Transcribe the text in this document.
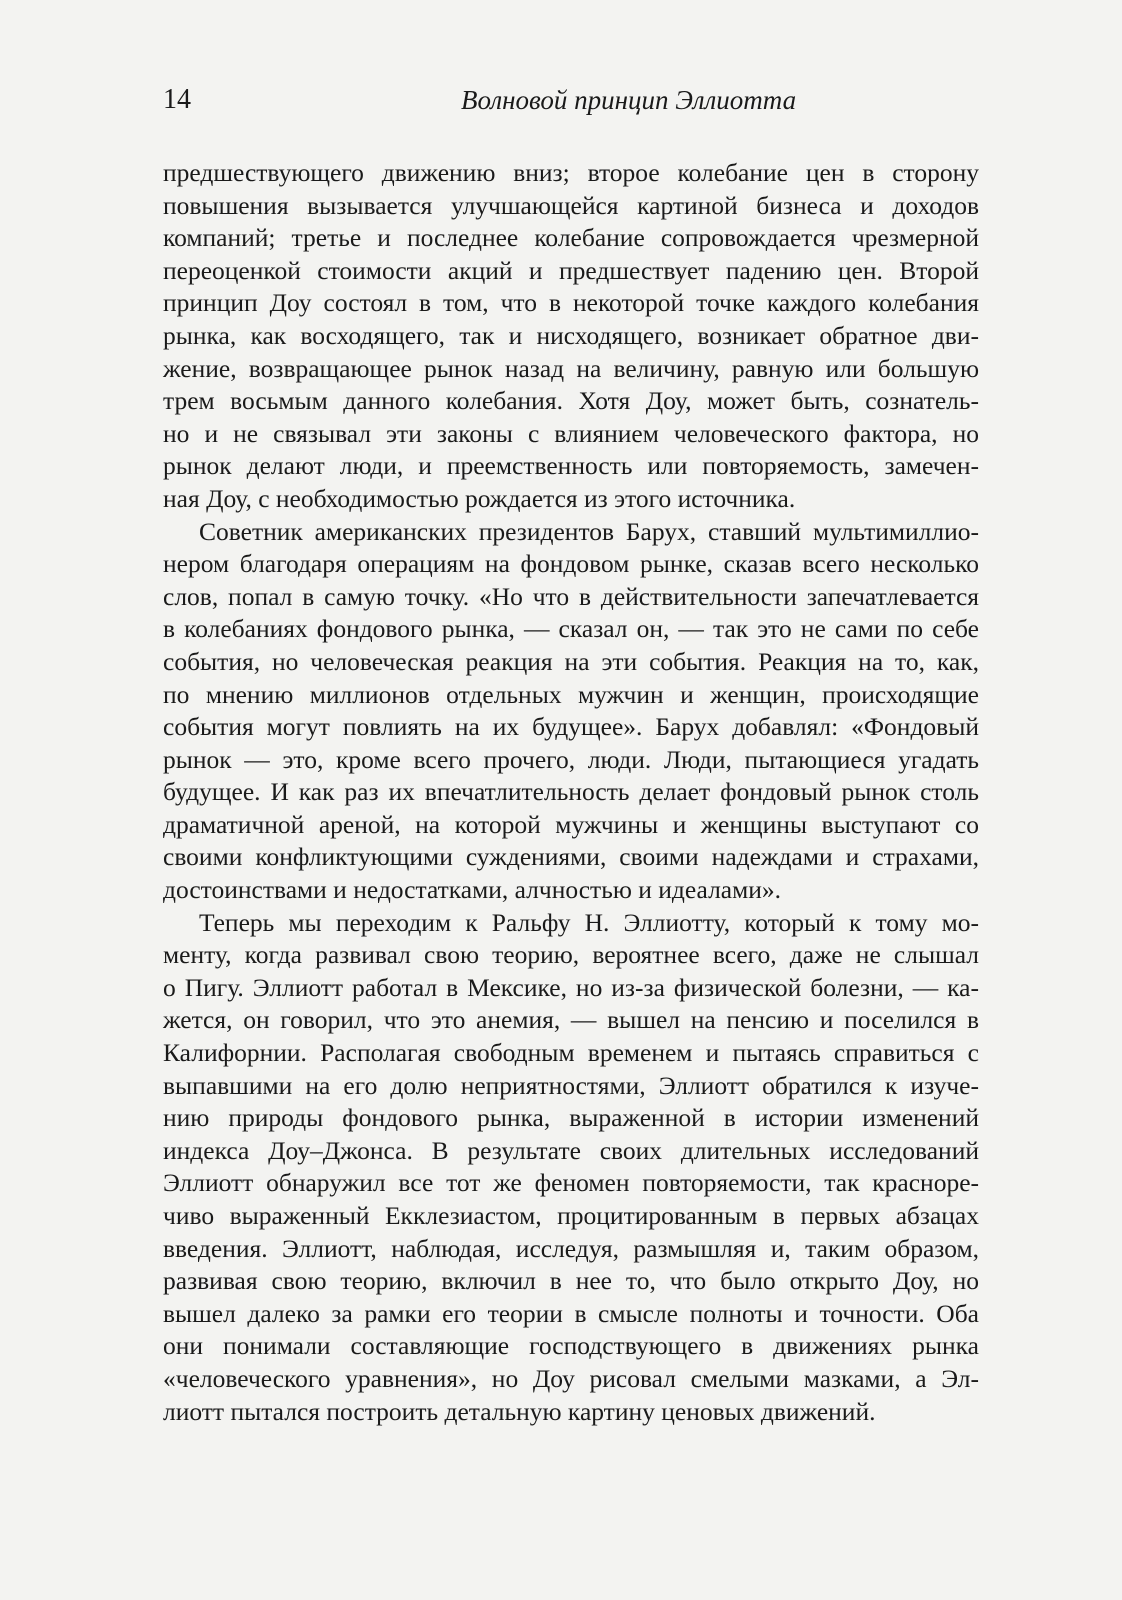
14	Волновой принцип Эллиотта
предшествующего движению вниз; второе колебание цен в сторону
повышения вызывается улучшающейся картиной бизнеса и доходов
компаний; третье и последнее колебание сопровождается чрезмерной
переоценкой стоимости акций и предшествует падению цен. Второй
принцип Доу состоял в том, что в некоторой точке каждого колебания
рынка, как восходящего, так и нисходящего, возникает обратное дви-
жение, возвращающее рынок назад на величину, равную или большую
трем восьмым данного колебания. Хотя Доу, может быть, сознатель-
но и не связывал эти законы с влиянием человеческого фактора, но
рынок делают люди, и преемственность или повторяемость, замечен-
ная Доу, с необходимостью рождается из этого источника.
Советник американских президентов Барух, ставший мультимиллио-
нером благодаря операциям на фондовом рынке, сказав всего несколько
слов, попал в самую точку. «Но что в действительности запечатлевается
в колебаниях фондового рынка, — сказал он, — так это не сами по себе
события, но человеческая реакция на эти события. Реакция на то, как,
по мнению миллионов отдельных мужчин и женщин, происходящие
события могут повлиять на их будущее». Барух добавлял: «Фондовый
рынок — это, кроме всего прочего, люди. Люди, пытающиеся угадать
будущее. И как раз их впечатлительность делает фондовый рынок столь
драматичной ареной, на которой мужчины и женщины выступают со
своими конфликтующими суждениями, своими надеждами и страхами,
достоинствами и недостатками, алчностью и идеалами».
Теперь мы переходим к Ральфу Н. Эллиотту, который к тому мо-
менту, когда развивал свою теорию, вероятнее всего, даже не слышал
о Пигу. Эллиотт работал в Мексике, но из-за физической болезни, — ка-
жется, он говорил, что это анемия, — вышел на пенсию и поселился в
Калифорнии. Располагая свободным временем и пытаясь справиться с
выпавшими на его долю неприятностями, Эллиотт обратился к изуче-
нию природы фондового рынка, выраженной в истории изменений
индекса Доу–Джонса. В результате своих длительных исследований
Эллиотт обнаружил все тот же феномен повторяемости, так красноре-
чиво выраженный Екклезиастом, процитированным в первых абзацах
введения. Эллиотт, наблюдая, исследуя, размышляя и, таким образом,
развивая свою теорию, включил в нее то, что было открыто Доу, но
вышел далеко за рамки его теории в смысле полноты и точности. Оба
они понимали составляющие господствующего в движениях рынка
«человеческого уравнения», но Доу рисовал смелыми мазками, а Эл-
лиотт пытался построить детальную картину ценовых движений.
